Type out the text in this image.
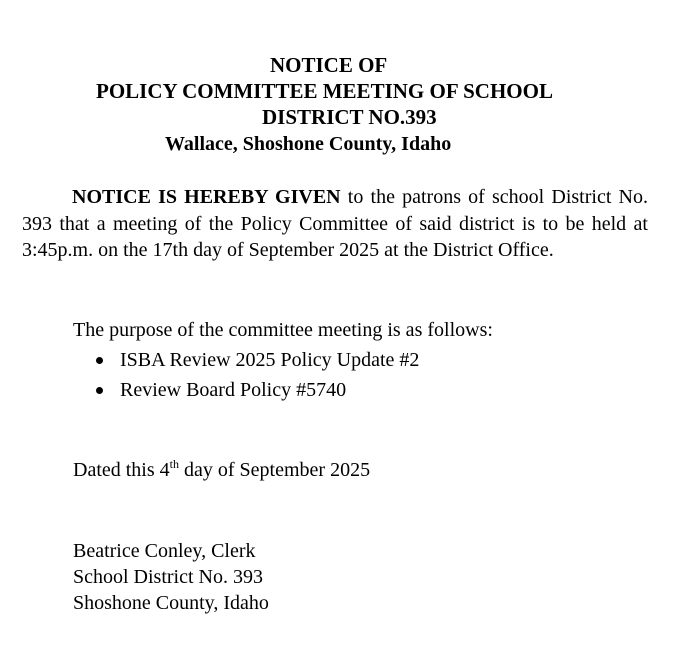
NOTICE OF
POLICY COMMITTEE MEETING OF SCHOOL
DISTRICT NO.393
Wallace, Shoshone County, Idaho
NOTICE IS HEREBY GIVEN to the patrons of school District No. 393 that a meeting of the Policy Committee of said district is to be held at 3:45p.m. on the 17th day of September 2025 at the District Office.
The purpose of the committee meeting is as follows:
ISBA Review 2025 Policy Update #2
Review Board Policy #5740
Dated this 4th day of September 2025
Beatrice Conley, Clerk
School District No. 393
Shoshone County, Idaho
